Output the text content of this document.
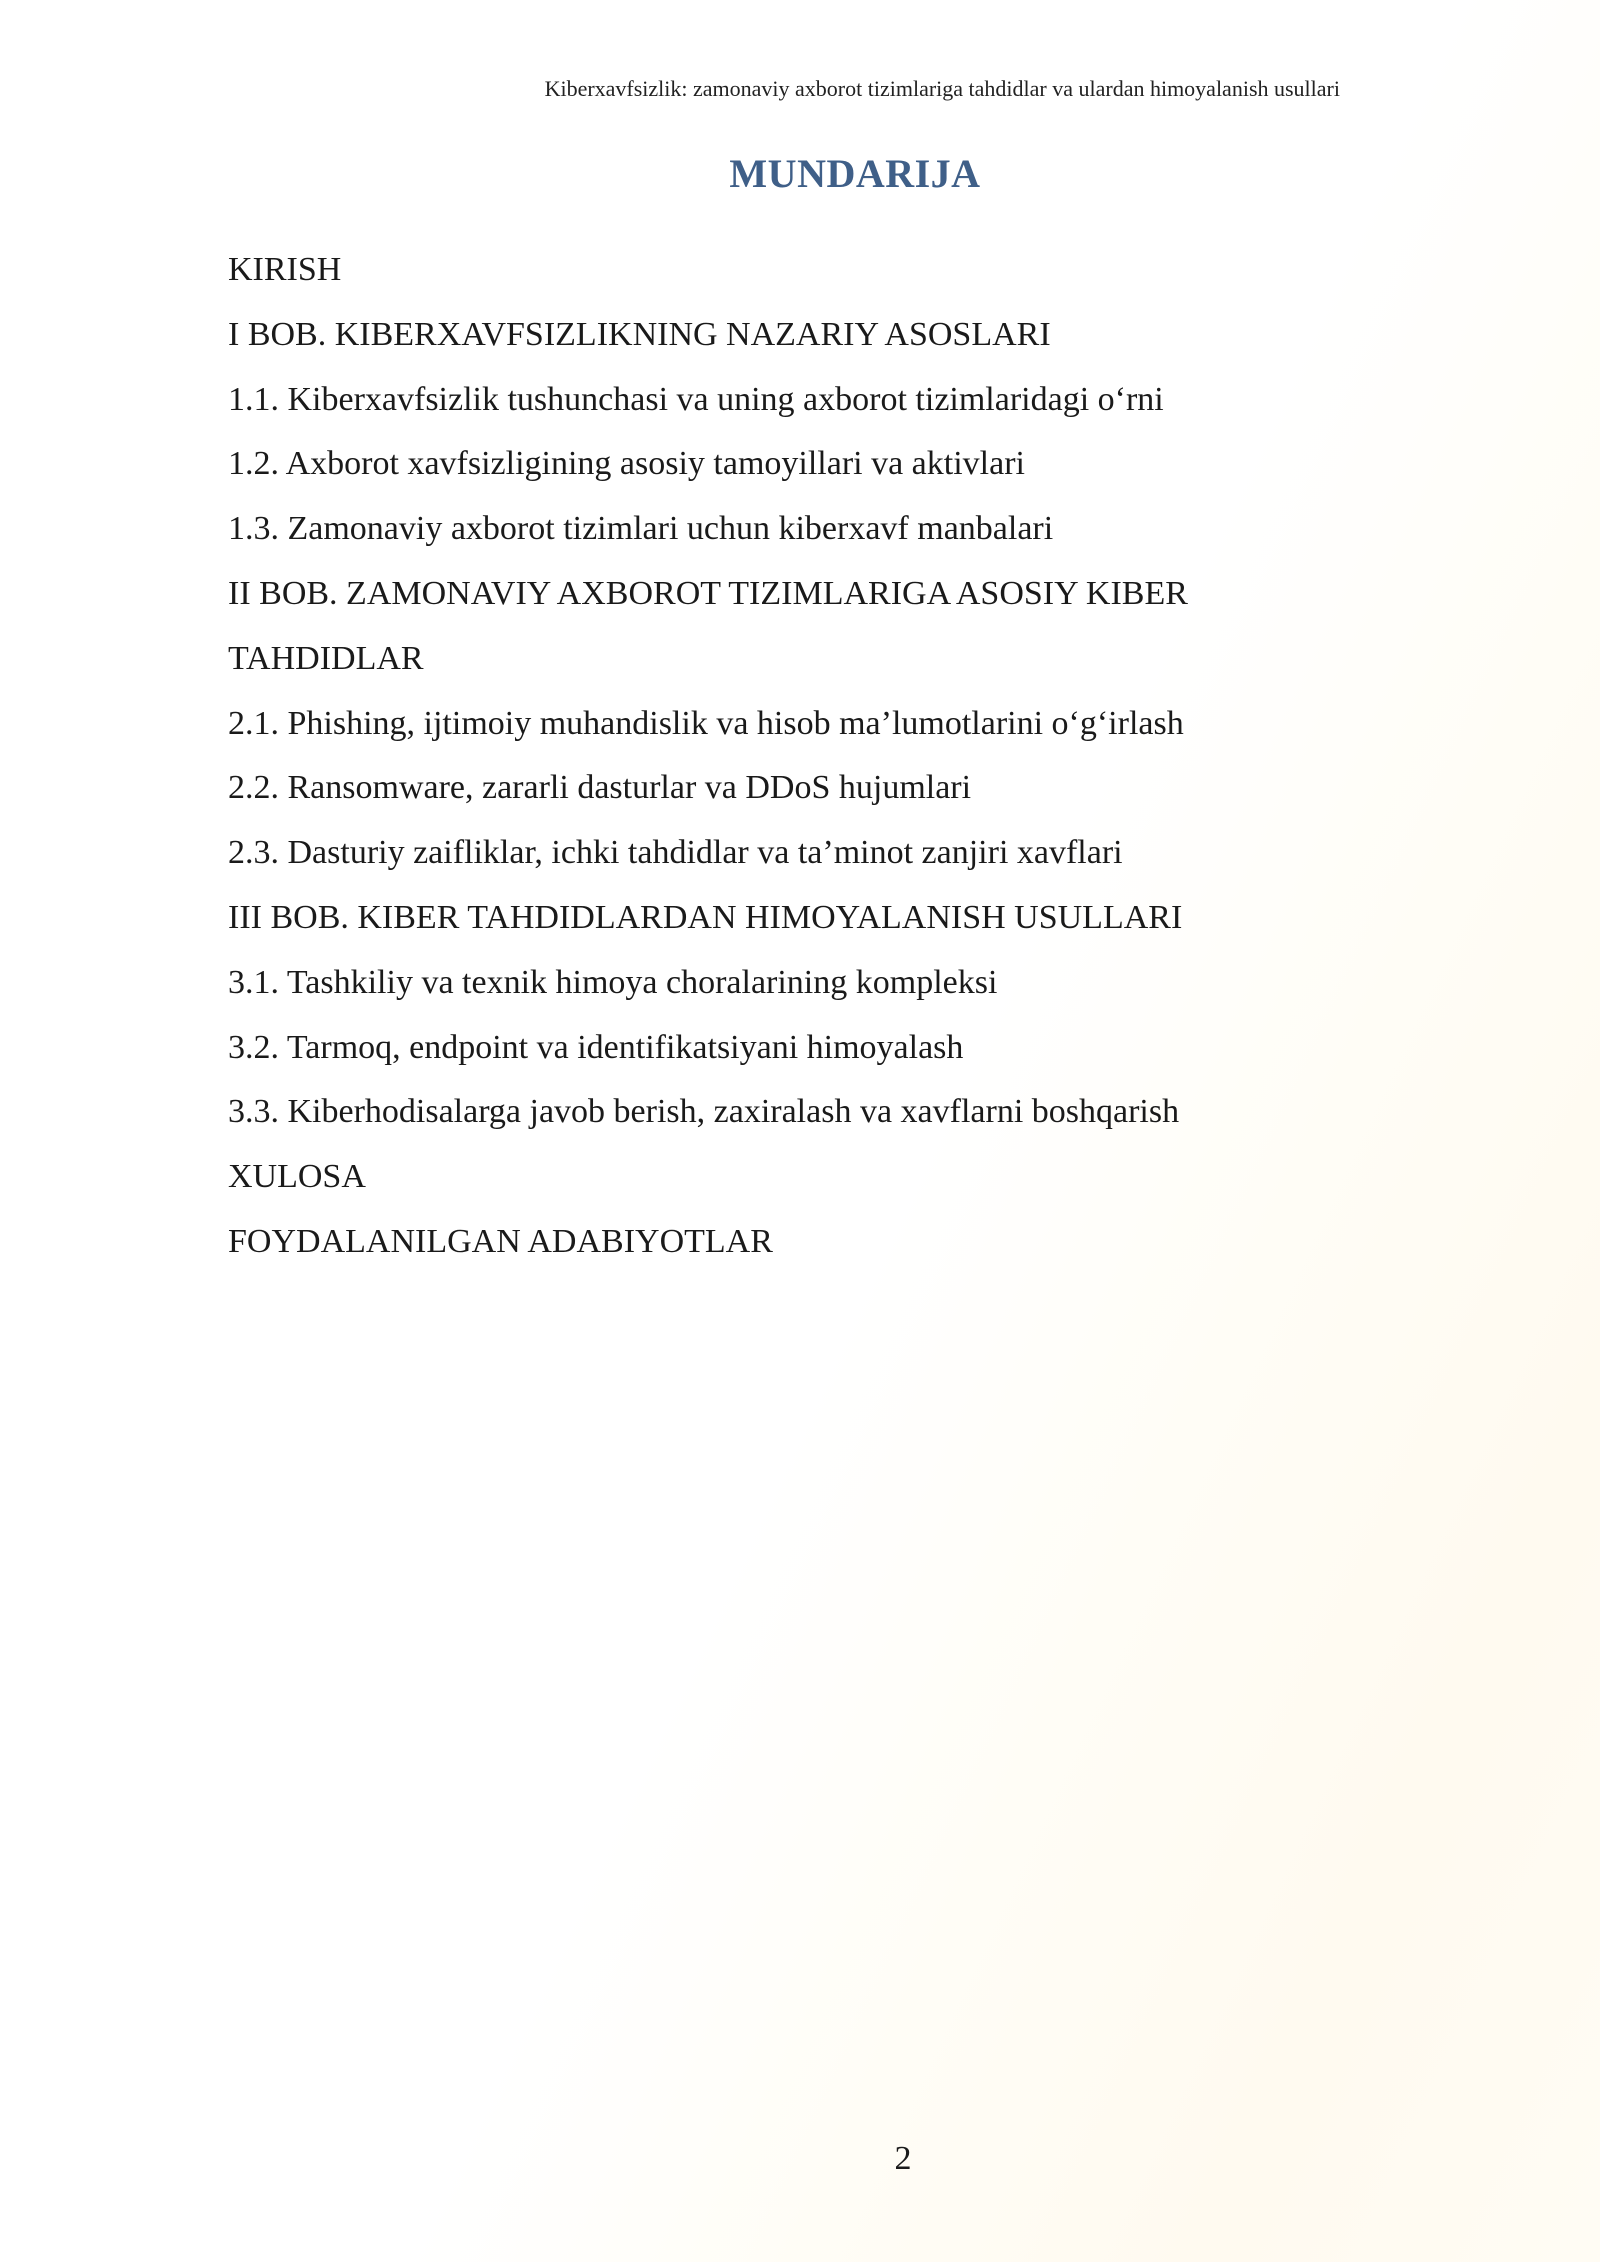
Kiberxavfsizlik: zamonaviy axborot tizimlariga tahdidlar va ulardan himoyalanish usullari
MUNDARIJA
KIRISH
I BOB. KIBERXAVFSIZLIKNING NAZARIY ASOSLARI
1.1. Kiberxavfsizlik tushunchasi va uning axborot tizimlaridagi o‘rni
1.2. Axborot xavfsizligining asosiy tamoyillari va aktivlari
1.3. Zamonaviy axborot tizimlari uchun kiberxavf manbalari
II BOB. ZAMONAVIY AXBOROT TIZIMLARIGA ASOSIY KIBER
TAHDIDLAR
2.1. Phishing, ijtimoiy muhandislik va hisob ma’lumotlarini o‘g‘irlash
2.2. Ransomware, zararli dasturlar va DDoS hujumlari
2.3. Dasturiy zaifliklar, ichki tahdidlar va ta’minot zanjiri xavflari
III BOB. KIBER TAHDIDLARDAN HIMOYALANISH USULLARI
3.1. Tashkiliy va texnik himoya choralarining kompleksi
3.2. Tarmoq, endpoint va identifikatsiyani himoyalash
3.3. Kiberhodisalarga javob berish, zaxiralash va xavflarni boshqarish
XULOSA
FOYDALANILGAN ADABIYOTLAR
2
